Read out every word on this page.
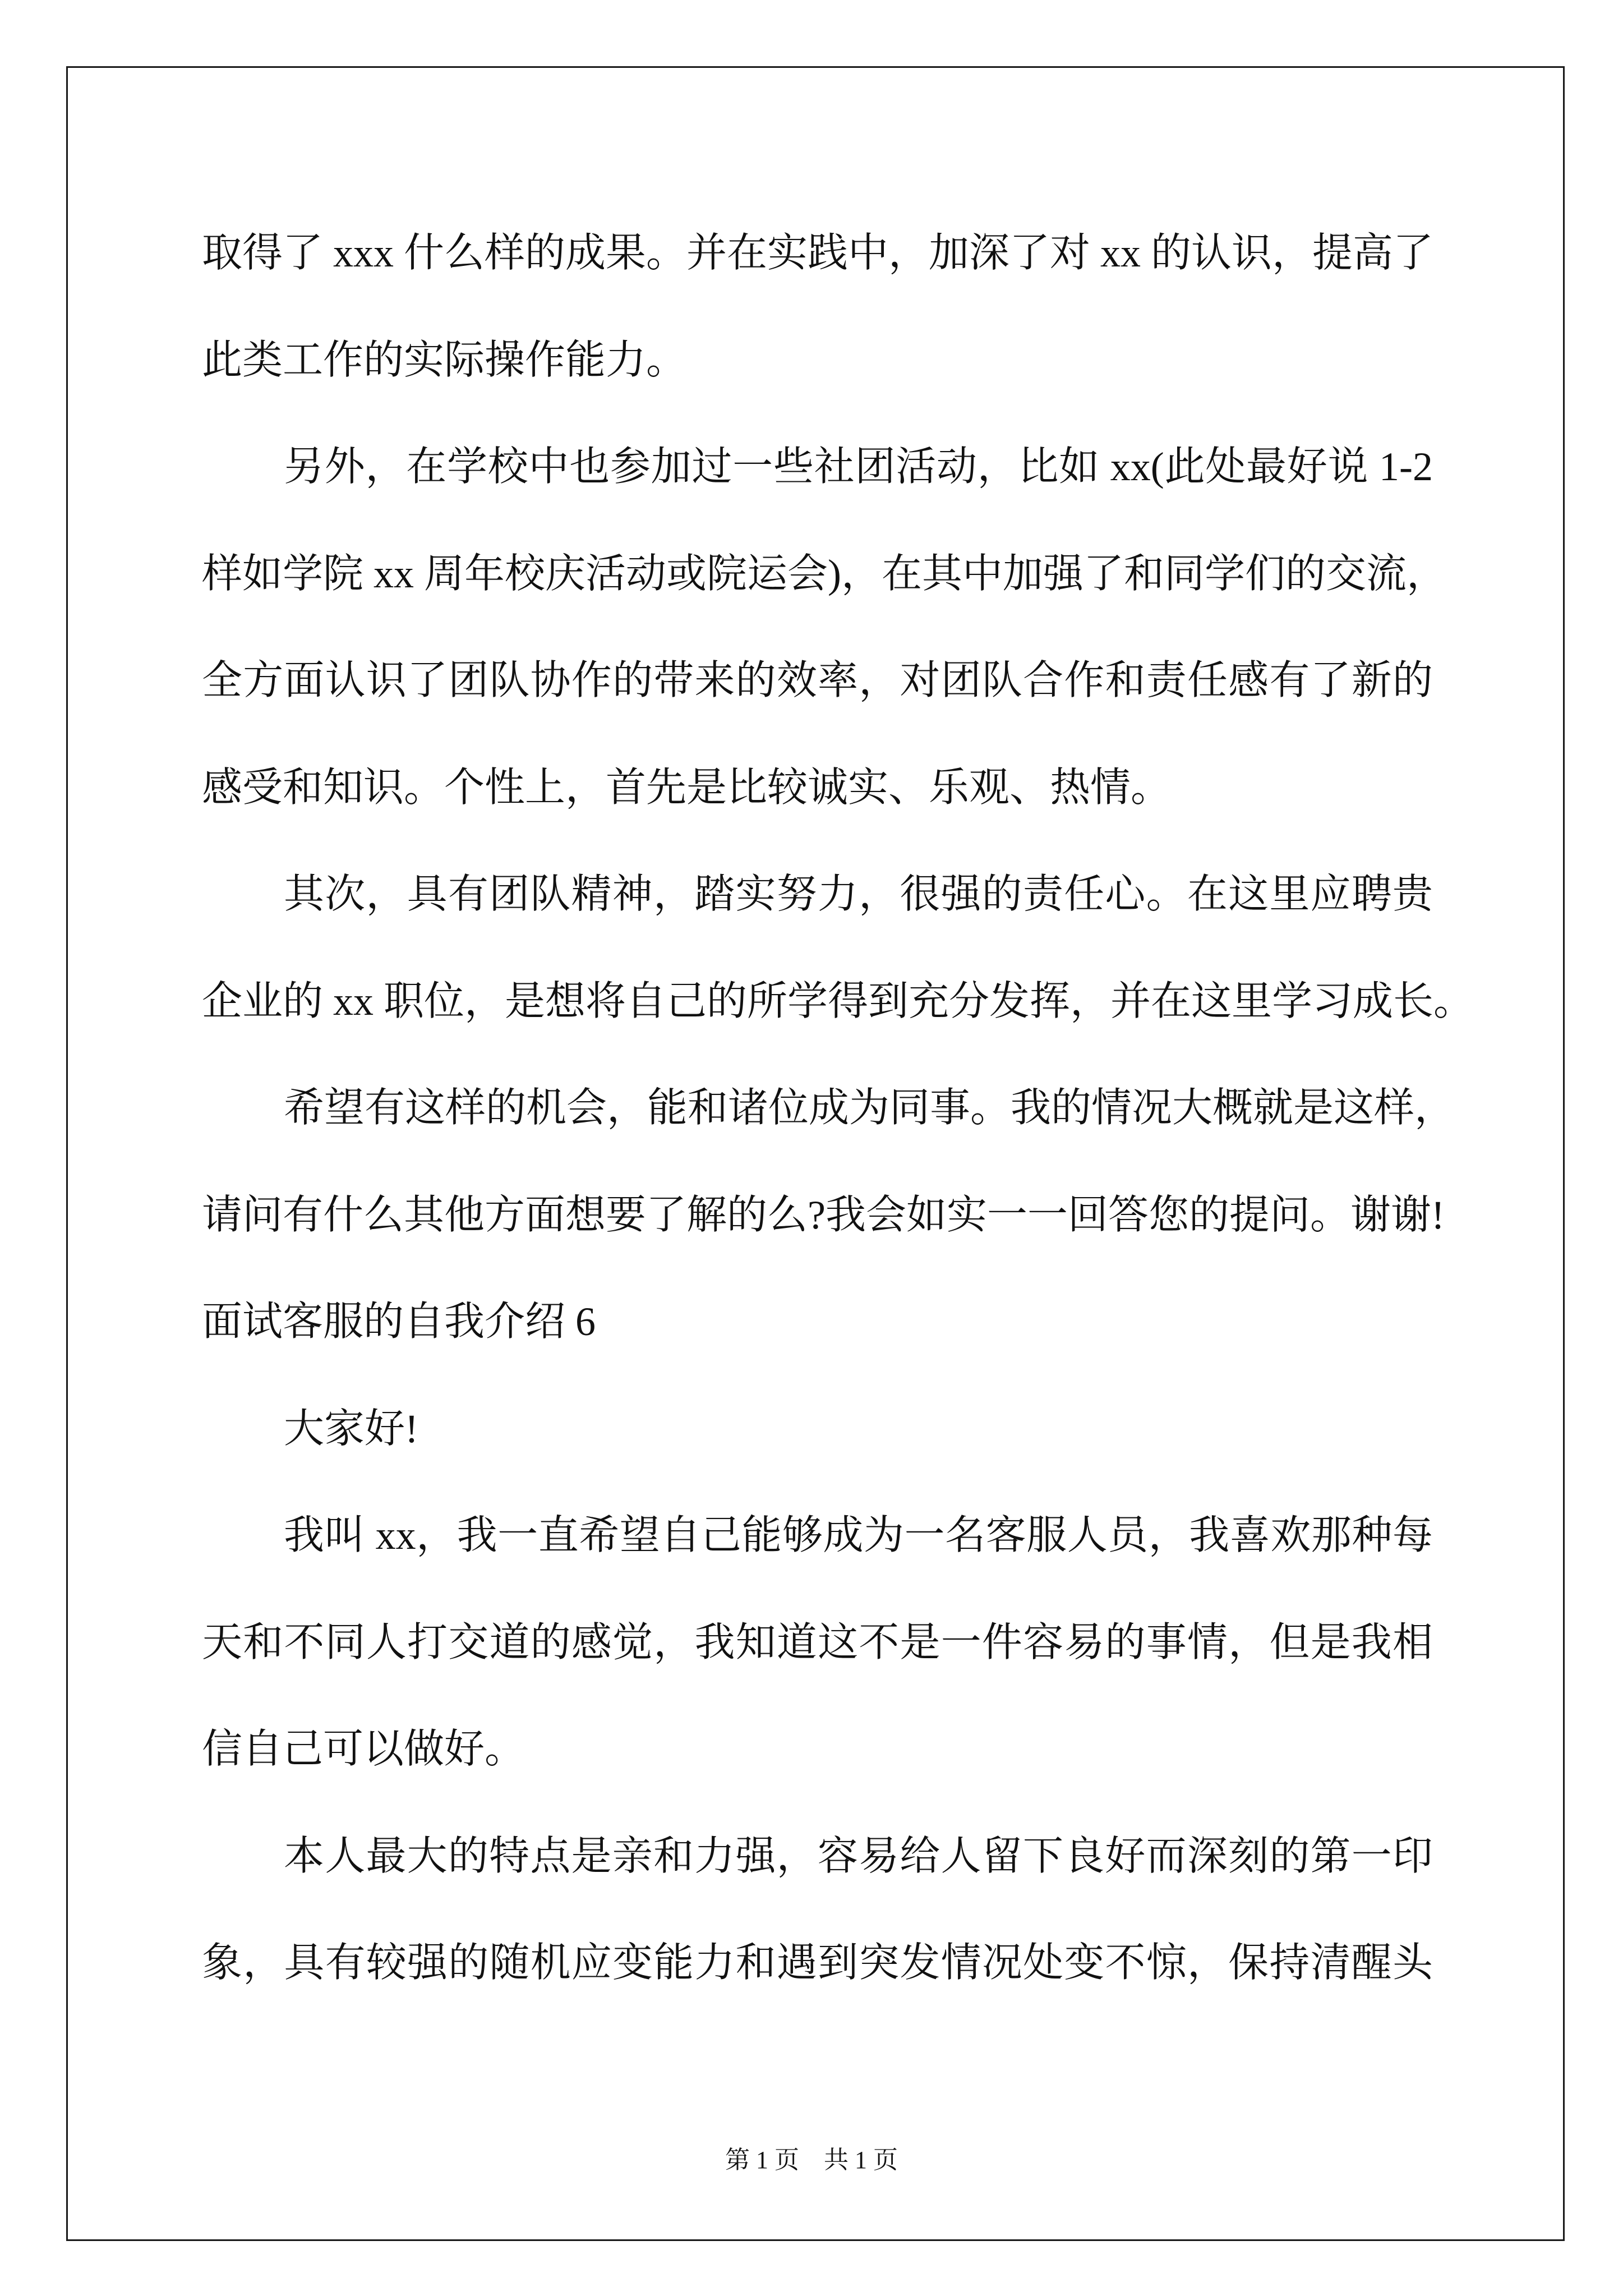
取得了 xxx 什么样的成果。并在实践中，加深了对 xx 的认识，提高了
此类工作的实际操作能力。
另外，在学校中也参加过一些社团活动，比如 xx(此处最好说 1-2
样如学院 xx 周年校庆活动或院运会)，在其中加强了和同学们的交流，
全方面认识了团队协作的带来的效率，对团队合作和责任感有了新的
感受和知识。个性上，首先是比较诚实、乐观、热情。
其次，具有团队精神，踏实努力，很强的责任心。在这里应聘贵
企业的 xx 职位，是想将自己的所学得到充分发挥，并在这里学习成长。
希望有这样的机会，能和诸位成为同事。我的情况大概就是这样，
请问有什么其他方面想要了解的么?我会如实一一回答您的提问。谢谢!
面试客服的自我介绍 6
大家好!
我叫 xx，我一直希望自己能够成为一名客服人员，我喜欢那种每
天和不同人打交道的感觉，我知道这不是一件容易的事情，但是我相
信自己可以做好。
本人最大的特点是亲和力强，容易给人留下良好而深刻的第一印
象，具有较强的随机应变能力和遇到突发情况处变不惊，保持清醒头
第 1 页　共 1 页
